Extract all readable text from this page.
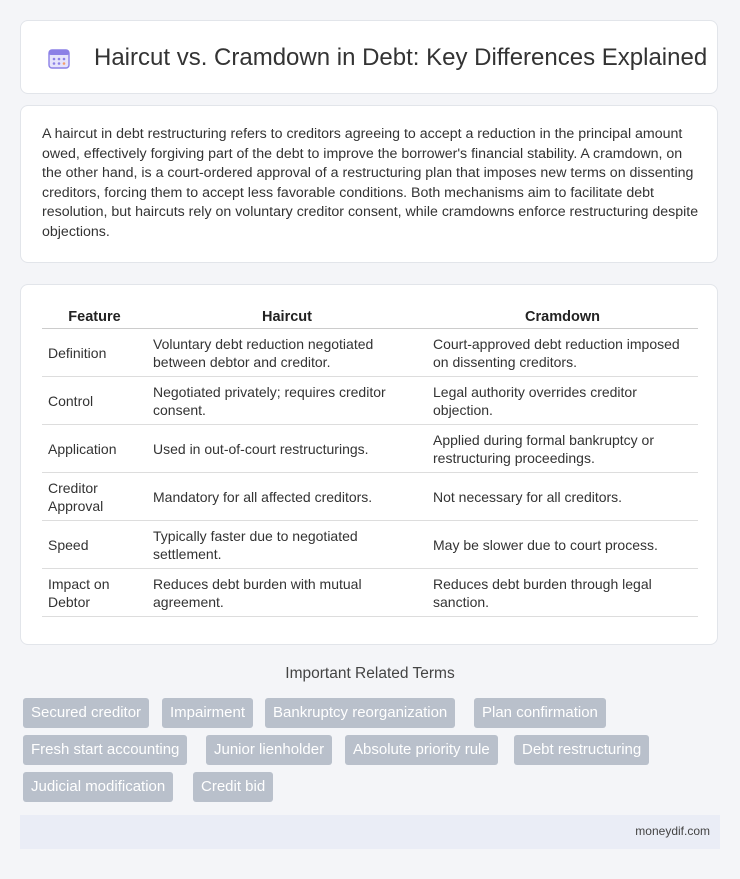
Haircut vs. Cramdown in Debt: Key Differences Explained

A haircut in debt restructuring refers to creditors agreeing to accept a reduction in the principal amount owed, effectively forgiving part of the debt to improve the borrower's financial stability. A cramdown, on the other hand, is a court-ordered approval of a restructuring plan that imposes new terms on dissenting creditors, forcing them to accept less favorable conditions. Both mechanisms aim to facilitate debt resolution, but haircuts rely on voluntary creditor consent, while cramdowns enforce restructuring despite objections.

Feature	Haircut	Cramdown
Definition	Voluntary debt reduction negotiated between debtor and creditor.	Court-approved debt reduction imposed on dissenting creditors.
Control	Negotiated privately; requires creditor consent.	Legal authority overrides creditor objection.
Application	Used in out-of-court restructurings.	Applied during formal bankruptcy or restructuring proceedings.
Creditor Approval	Mandatory for all affected creditors.	Not necessary for all creditors.
Speed	Typically faster due to negotiated settlement.	May be slower due to court process.
Impact on Debtor	Reduces debt burden with mutual agreement.	Reduces debt burden through legal sanction.
Important Related Terms
Secured creditor	Impairment	Bankruptcy reorganization	Plan confirmation
Fresh start accounting	Junior lienholder	Absolute priority rule	Debt restructuring
Judicial modification	Credit bid
moneydif.com
